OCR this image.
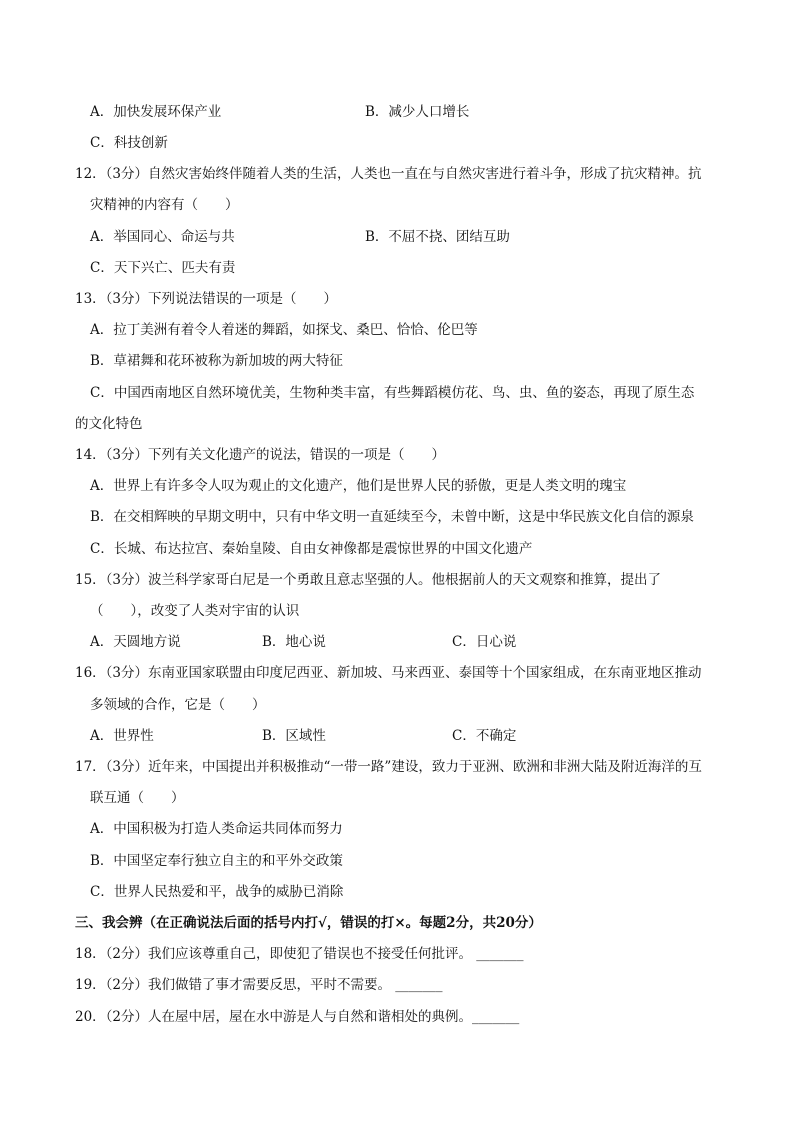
A．加快发展环保产业	B．减少人口增长
C．科技创新
12．（3分）自然灾害始终伴随着人类的生活，人类也一直在与自然灾害进行着斗争，形成了抗灾精神。抗
灾精神的内容有（　　）
A．举国同心、命运与共	B．不屈不挠、团结互助
C．天下兴亡、匹夫有责
13．（3分）下列说法错误的一项是（　　）
A．拉丁美洲有着令人着迷的舞蹈，如探戈、桑巴、恰恰、伦巴等
B．草裙舞和花环被称为新加坡的两大特征
C．中国西南地区自然环境优美，生物种类丰富，有些舞蹈模仿花、鸟、虫、鱼的姿态，再现了原生态
的文化特色
14．（3分）下列有关文化遗产的说法，错误的一项是（　　）
A．世界上有许多令人叹为观止的文化遗产，他们是世界人民的骄傲，更是人类文明的瑰宝
B．在交相辉映的早期文明中，只有中华文明一直延续至今，未曾中断，这是中华民族文化自信的源泉
C．长城、布达拉宫、秦始皇陵、自由女神像都是震惊世界的中国文化遗产
15．（3分）波兰科学家哥白尼是一个勇敢且意志坚强的人。他根据前人的天文观察和推算，提出了
（　　），改变了人类对宇宙的认识
A．天圆地方说	B．地心说	C．日心说
16．（3分）东南亚国家联盟由印度尼西亚、新加坡、马来西亚、泰国等十个国家组成，在东南亚地区推动
多领域的合作，它是（　　）
A．世界性	B．区域性	C．不确定
17．（3分）近年来，中国提出并积极推动“一带一路”建设，致力于亚洲、欧洲和非洲大陆及附近海洋的互
联互通（　　）
A．中国积极为打造人类命运共同体而努力
B．中国坚定奉行独立自主的和平外交政策
C．世界人民热爱和平，战争的威胁已消除
三、我会辨（在正确说法后面的括号内打√，错误的打×。每题2分，共20分）
18．（2分）我们应该尊重自己，即使犯了错误也不接受任何批评。 _______
19．（2分）我们做错了事才需要反思，平时不需要。 _______
20．（2分）人在屋中居，屋在水中游是人与自然和谐相处的典例。_______
